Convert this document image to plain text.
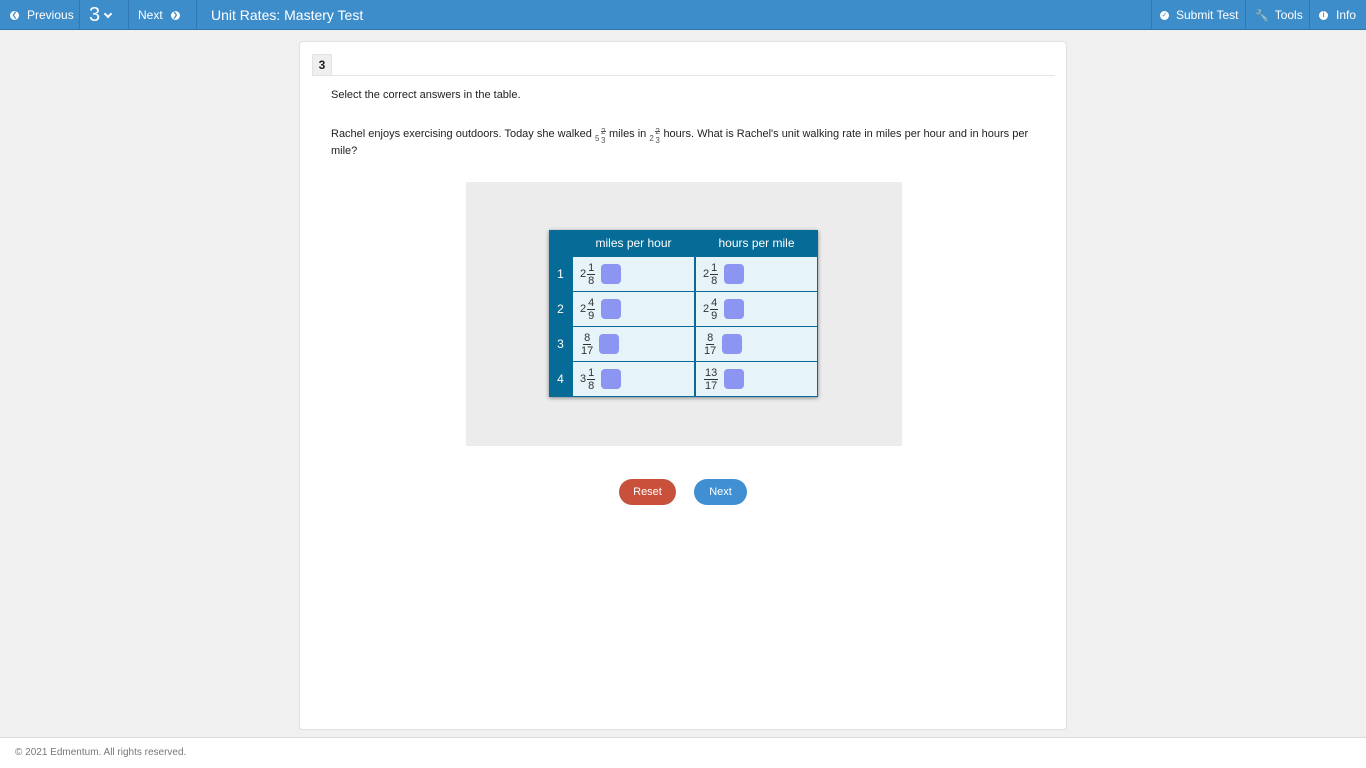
❮ Previous 3	Next ❯ Unit Rates: Mastery Test	✓ Submit Test 🔧 Tools	i Info
3
Select the correct answers in the table.
Rachel enjoys exercising outdoors. Today she walked 5 3
miles in 2 3
hours. What is Rachel's unit walking rate in miles per hour and in hours per mile?
miles per hour	hours per mile
1	$2 \frac{1}{8}$	$2 \frac{1}{8}$
2	$2 \frac{4}{9}$	$2 \frac{4}{9}$
3	$\frac{8}{17}$	$\frac{8}{17}$
4	$3 \frac{1}{8}$	$\frac{13}{17}$
Reset	Next
© 2021 Edmentum. All rights reserved.
